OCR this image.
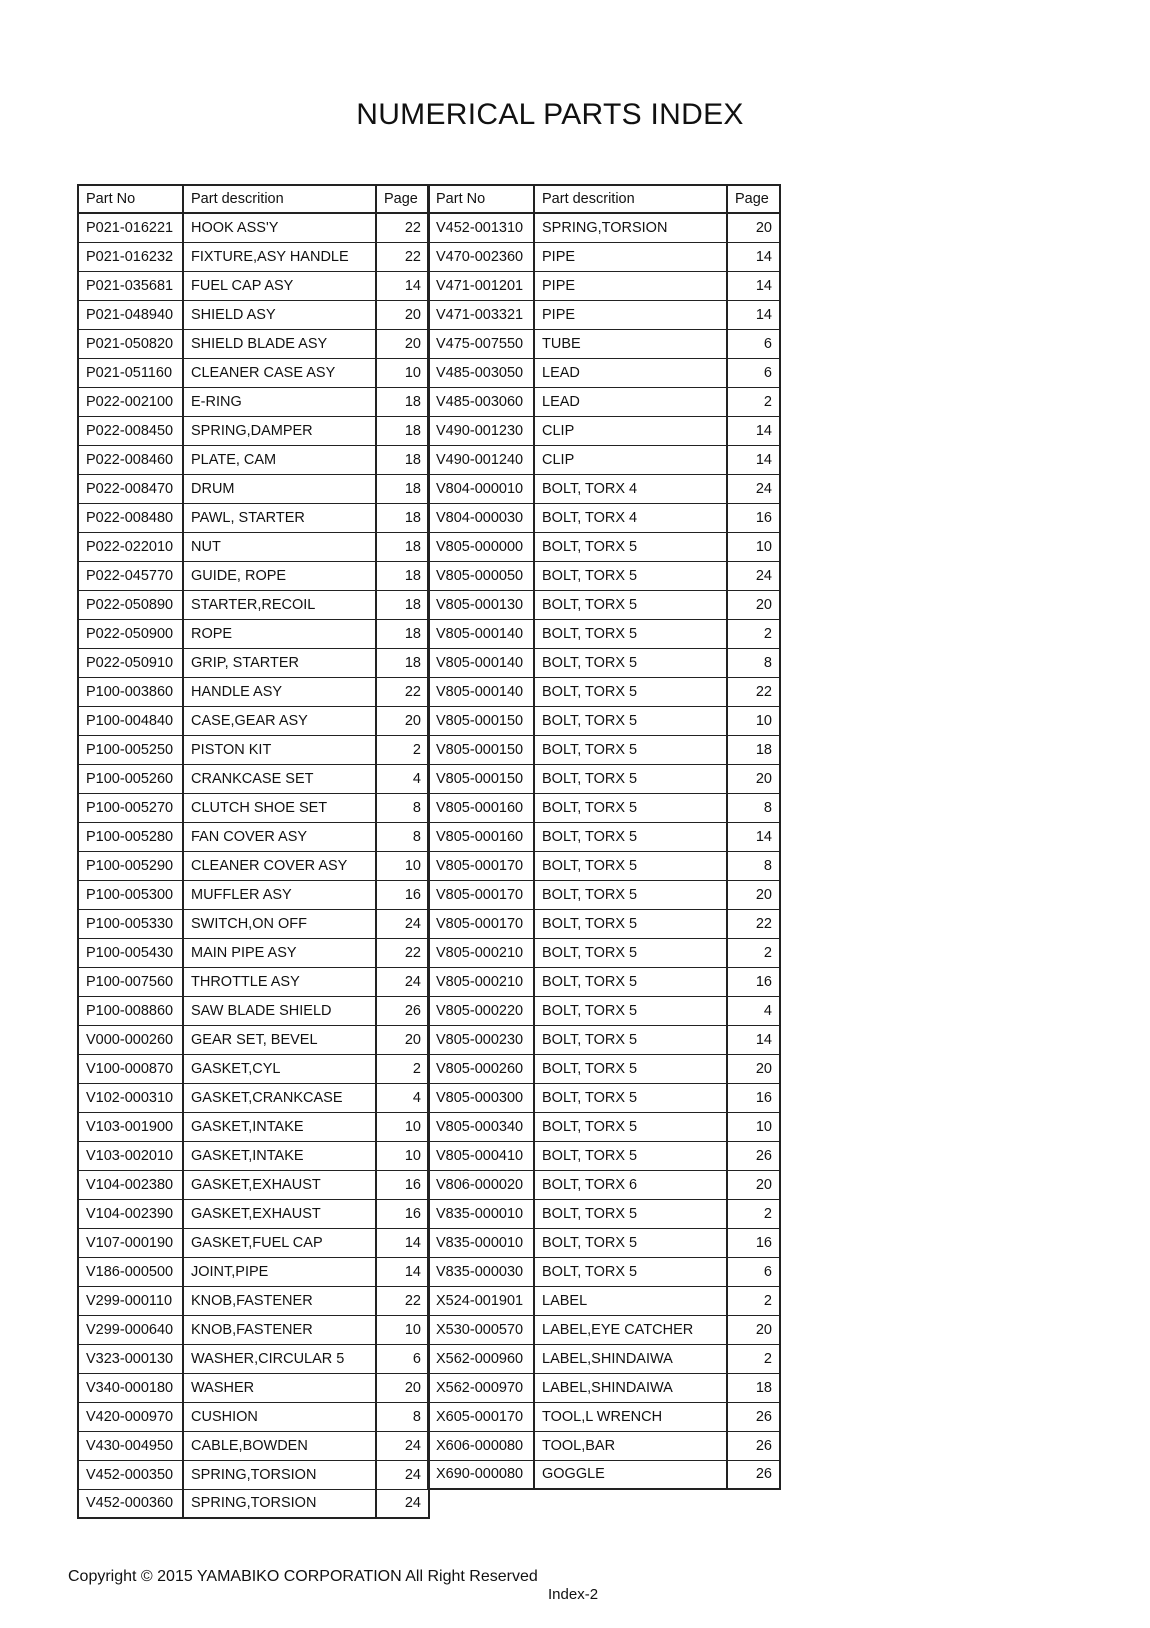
NUMERICAL PARTS INDEX
Part No	Part descrition	Page
P021-016221	HOOK ASS'Y	22
P021-016232	FIXTURE,ASY HANDLE	22
P021-035681	FUEL CAP ASY	14
P021-048940	SHIELD ASY	20
P021-050820	SHIELD BLADE ASY	20
P021-051160	CLEANER CASE ASY	10
P022-002100	E-RING	18
P022-008450	SPRING,DAMPER	18
P022-008460	PLATE, CAM	18
P022-008470	DRUM	18
P022-008480	PAWL, STARTER	18
P022-022010	NUT	18
P022-045770	GUIDE, ROPE	18
P022-050890	STARTER,RECOIL	18
P022-050900	ROPE	18
P022-050910	GRIP, STARTER	18
P100-003860	HANDLE ASY	22
P100-004840	CASE,GEAR ASY	20
P100-005250	PISTON KIT	2
P100-005260	CRANKCASE SET	4
P100-005270	CLUTCH SHOE SET	8
P100-005280	FAN COVER ASY	8
P100-005290	CLEANER COVER ASY	10
P100-005300	MUFFLER ASY	16
P100-005330	SWITCH,ON OFF	24
P100-005430	MAIN PIPE ASY	22
P100-007560	THROTTLE ASY	24
P100-008860	SAW BLADE SHIELD	26
V000-000260	GEAR SET, BEVEL	20
V100-000870	GASKET,CYL	2
V102-000310	GASKET,CRANKCASE	4
V103-001900	GASKET,INTAKE	10
V103-002010	GASKET,INTAKE	10
V104-002380	GASKET,EXHAUST	16
V104-002390	GASKET,EXHAUST	16
V107-000190	GASKET,FUEL CAP	14
V186-000500	JOINT,PIPE	14
V299-000110	KNOB,FASTENER	22
V299-000640	KNOB,FASTENER	10
V323-000130	WASHER,CIRCULAR 5	6
V340-000180	WASHER	20
V420-000970	CUSHION	8
V430-004950	CABLE,BOWDEN	24
V452-000350	SPRING,TORSION	24
V452-000360	SPRING,TORSION	24
Part No	Part descrition	Page
V452-001310	SPRING,TORSION	20
V470-002360	PIPE	14
V471-001201	PIPE	14
V471-003321	PIPE	14
V475-007550	TUBE	6
V485-003050	LEAD	6
V485-003060	LEAD	2
V490-001230	CLIP	14
V490-001240	CLIP	14
V804-000010	BOLT, TORX 4	24
V804-000030	BOLT, TORX 4	16
V805-000000	BOLT, TORX 5	10
V805-000050	BOLT, TORX 5	24
V805-000130	BOLT, TORX 5	20
V805-000140	BOLT, TORX 5	2
V805-000140	BOLT, TORX 5	8
V805-000140	BOLT, TORX 5	22
V805-000150	BOLT, TORX 5	10
V805-000150	BOLT, TORX 5	18
V805-000150	BOLT, TORX 5	20
V805-000160	BOLT, TORX 5	8
V805-000160	BOLT, TORX 5	14
V805-000170	BOLT, TORX 5	8
V805-000170	BOLT, TORX 5	20
V805-000170	BOLT, TORX 5	22
V805-000210	BOLT, TORX 5	2
V805-000210	BOLT, TORX 5	16
V805-000220	BOLT, TORX 5	4
V805-000230	BOLT, TORX 5	14
V805-000260	BOLT, TORX 5	20
V805-000300	BOLT, TORX 5	16
V805-000340	BOLT, TORX 5	10
V805-000410	BOLT, TORX 5	26
V806-000020	BOLT, TORX 6	20
V835-000010	BOLT, TORX 5	2
V835-000010	BOLT, TORX 5	16
V835-000030	BOLT, TORX 5	6
X524-001901	LABEL	2
X530-000570	LABEL,EYE CATCHER	20
X562-000960	LABEL,SHINDAIWA	2
X562-000970	LABEL,SHINDAIWA	18
X605-000170	TOOL,L WRENCH	26
X606-000080	TOOL,BAR	26
X690-000080	GOGGLE	26
Copyright © 2015 YAMABIKO CORPORATION All Right Reserved
Index-2
